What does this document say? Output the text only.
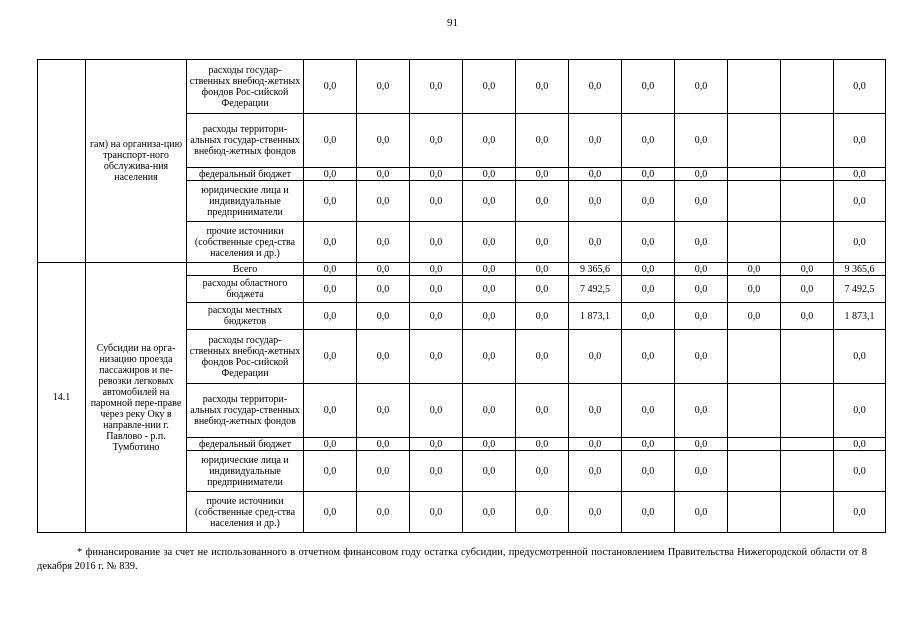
91
	гам) на организа-цию транспорт-ного обслужива-ния населения	расходы государ-ственных внебюд-жетных фондов Рос-сийской Федерации	0,0	0,0	0,0	0,0	0,0	0,0	0,0	0,0			0,0
		расходы территори-альных государ-ственных внебюд-жетных фондов	0,0	0,0	0,0	0,0	0,0	0,0	0,0	0,0			0,0
		федеральный бюджет	0,0	0,0	0,0	0,0	0,0	0,0	0,0	0,0			0,0
		юридические лица и индивидуальные предприниматели	0,0	0,0	0,0	0,0	0,0	0,0	0,0	0,0			0,0
		прочие источники (собственные сред-ства населения и др.)	0,0	0,0	0,0	0,0	0,0	0,0	0,0	0,0			0,0
14.1	Субсидии на орга-низацию проезда пассажиров и пе-ревозки легковых автомобилей на паромной пере-праве через реку Оку в направле-нии г. Павлово - р.п. Тумботино	Всего	0,0	0,0	0,0	0,0	0,0	9 365,6	0,0	0,0	0,0	0,0	9 365,6
		расходы областного бюджета	0,0	0,0	0,0	0,0	0,0	7 492,5	0,0	0,0	0,0	0,0	7 492,5
		расходы местных бюджетов	0,0	0,0	0,0	0,0	0,0	1 873,1	0,0	0,0	0,0	0,0	1 873,1
		расходы государ-ственных внебюд-жетных фондов Рос-сийской Федерации	0,0	0,0	0,0	0,0	0,0	0,0	0,0	0,0			0,0
		расходы территори-альных государ-ственных внебюд-жетных фондов	0,0	0,0	0,0	0,0	0,0	0,0	0,0	0,0			0,0
		федеральный бюджет	0,0	0,0	0,0	0,0	0,0	0,0	0,0	0,0			0,0
		юридические лица и индивидуальные предприниматели	0,0	0,0	0,0	0,0	0,0	0,0	0,0	0,0			0,0
		прочие источники (собственные сред-ства населения и др.)	0,0	0,0	0,0	0,0	0,0	0,0	0,0	0,0			0,0
* финансирование за счет не использованного в отчетном финансовом году остатка субсидии, предусмотренной постановлением Правительства Нижегородской области от 8 декабря 2016 г. № 839.
